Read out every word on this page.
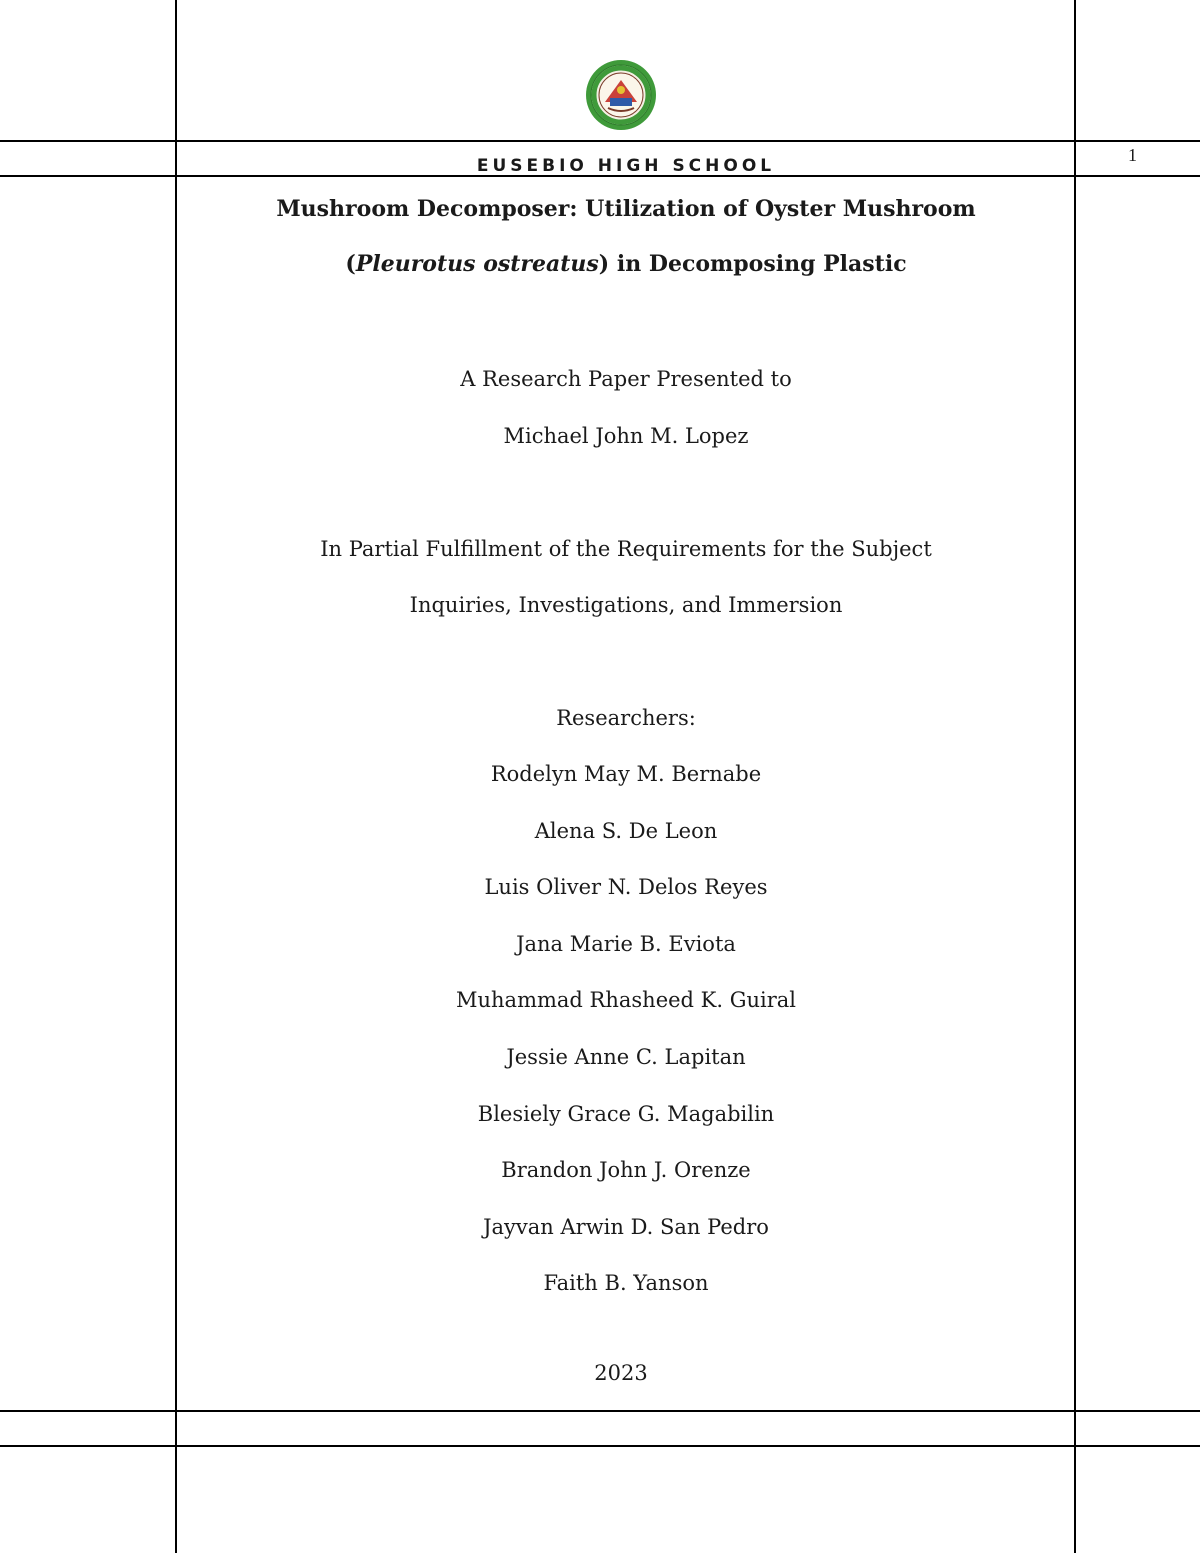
EUSEBIO HIGH SCHOOL
1
Mushroom Decomposer: Utilization of Oyster Mushroom
(Pleurotus ostreatus) in Decomposing Plastic
A Research Paper Presented to
Michael John M. Lopez
In Partial Fulfillment of the Requirements for the Subject
Inquiries, Investigations, and Immersion
Researchers:
Rodelyn May M. Bernabe
Alena S. De Leon
Luis Oliver N. Delos Reyes
Jana Marie B. Eviota
Muhammad Rhasheed K. Guiral
Jessie Anne C. Lapitan
Blesiely Grace G. Magabilin
Brandon John J. Orenze
Jayvan Arwin D. San Pedro
Faith B. Yanson
2023
